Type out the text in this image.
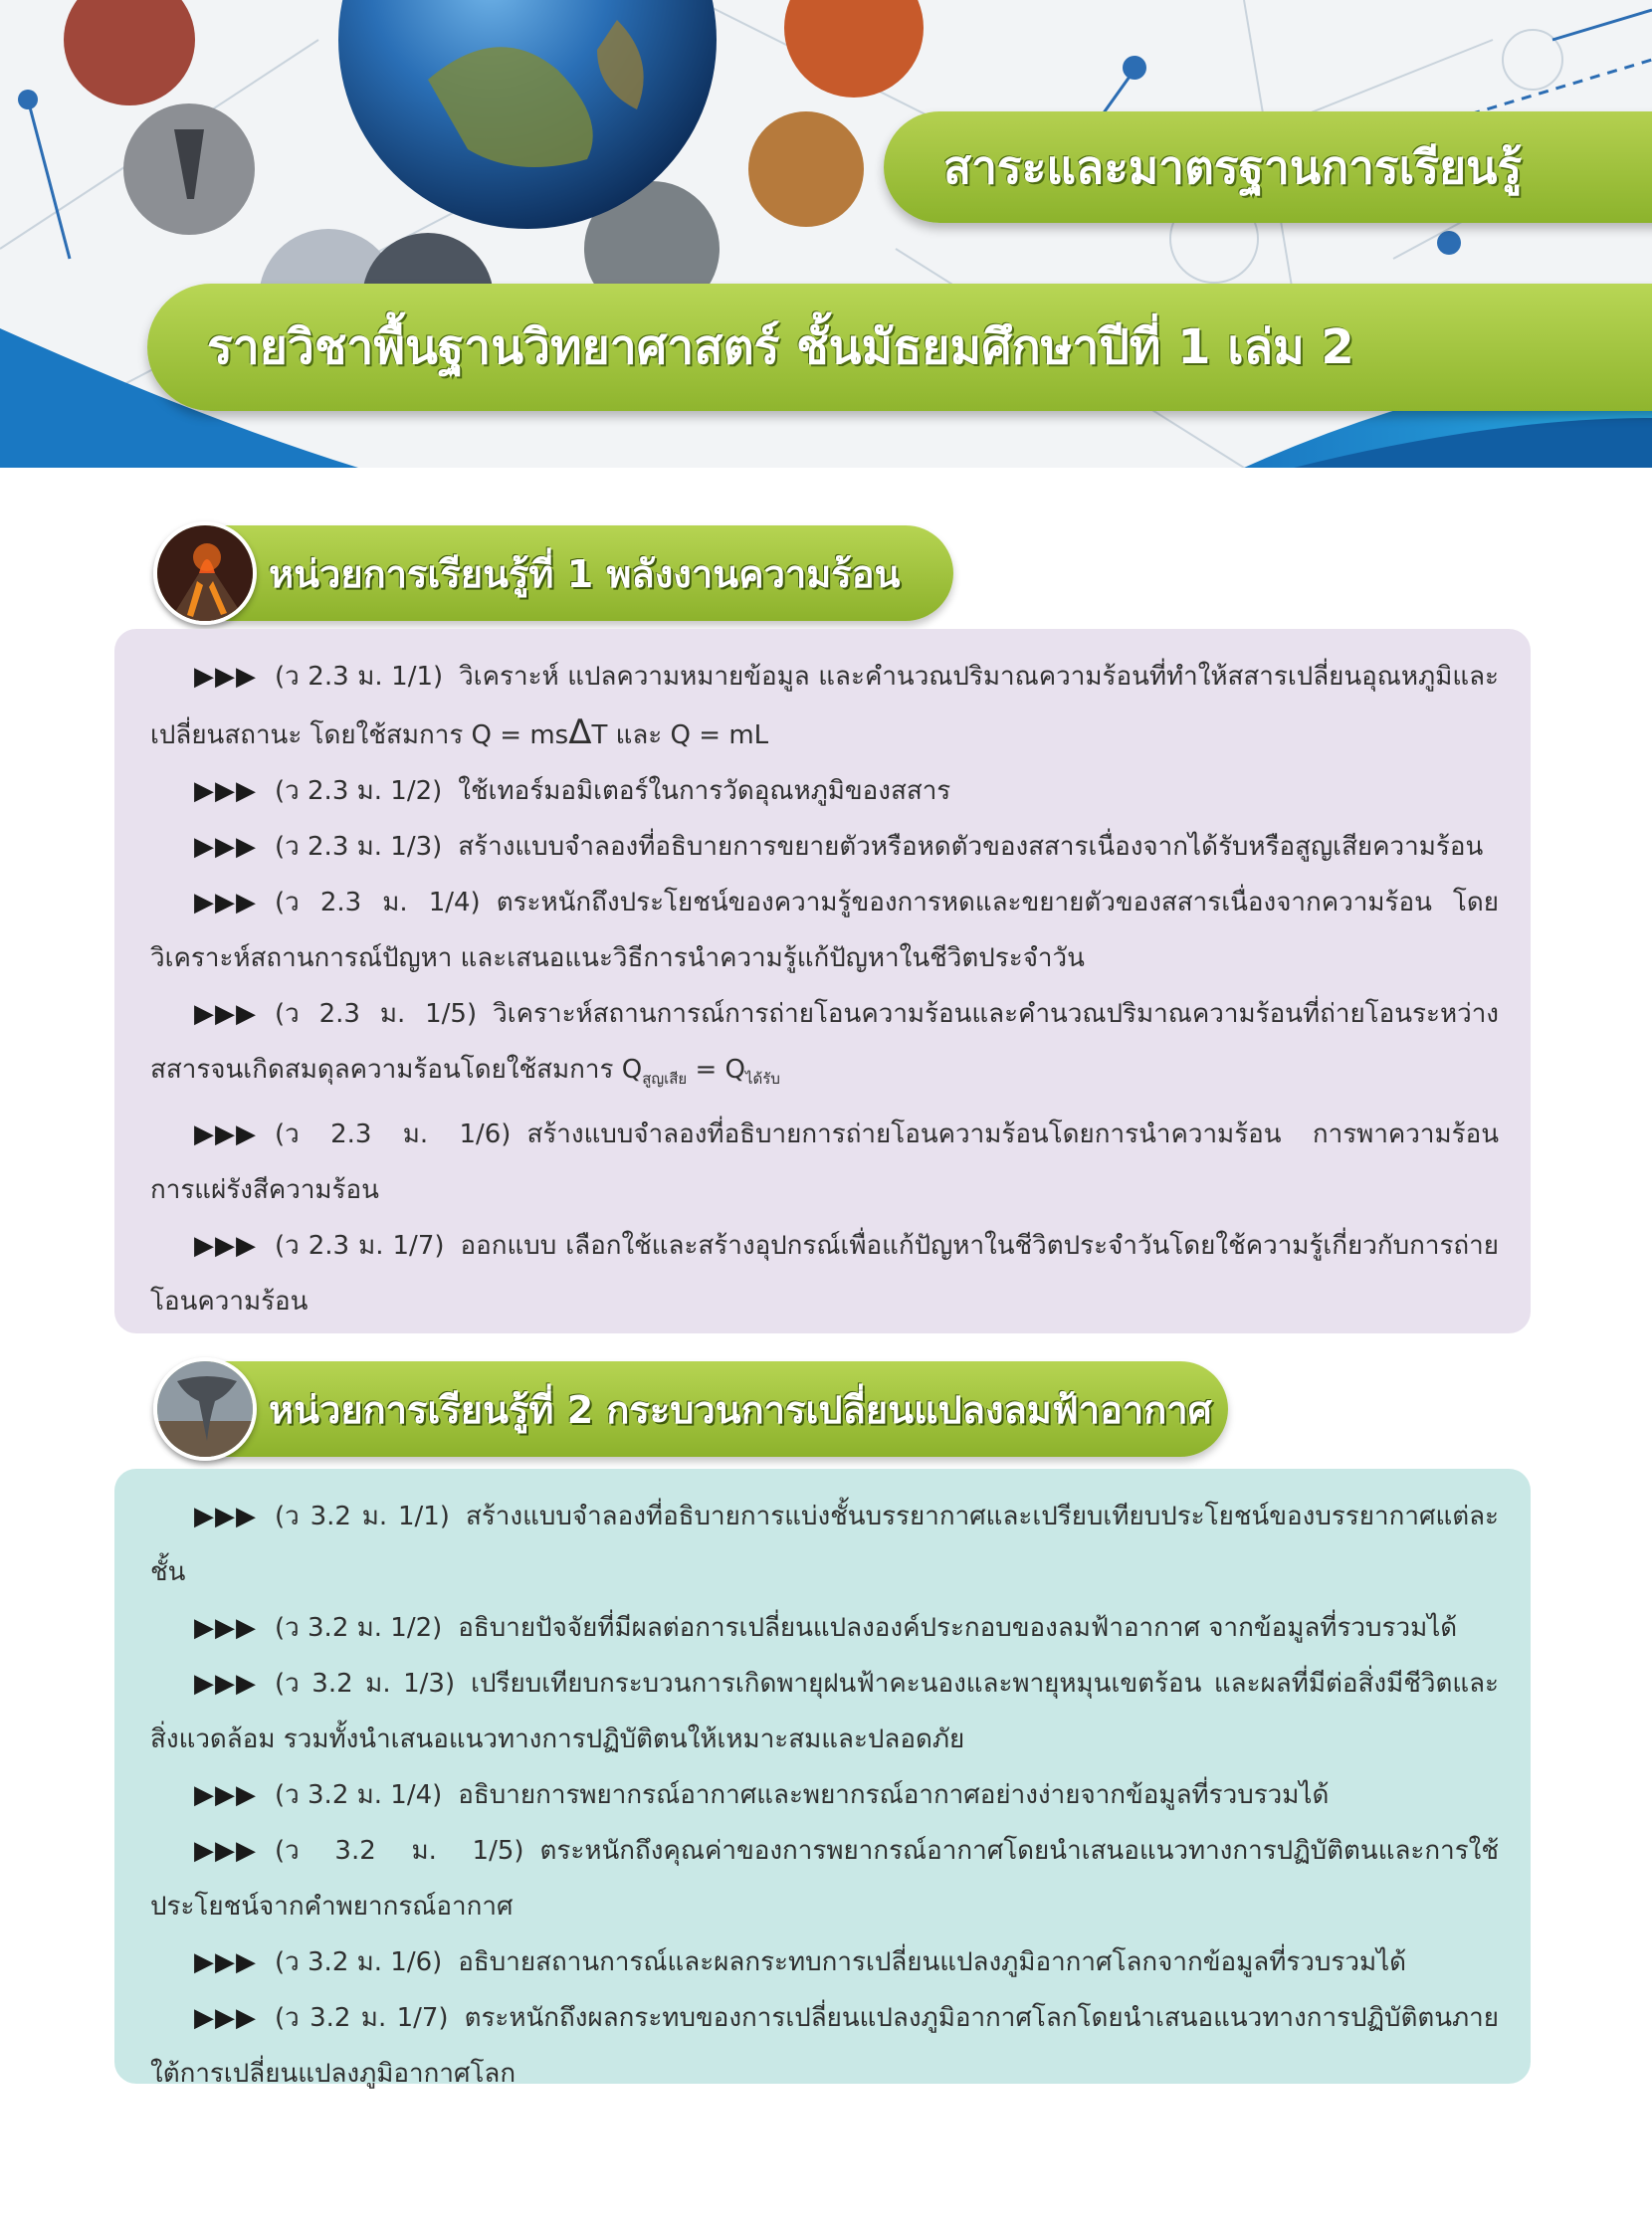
สาระและมาตรฐานการเรียนรู้
รายวิชาพื้นฐานวิทยาศาสตร์ ชั้นมัธยมศึกษาปีที่ 1 เล่ม 2
หน่วยการเรียนรู้ที่ 1 พลังงานความร้อน

▶▶▶ (ว 2.3 ม. 1/1) วิเคราะห์ แปลความหมายข้อมูล และคำนวณปริมาณความร้อนที่ทำให้สสารเปลี่ยนอุณหภูมิและเปลี่ยนสถานะ โดยใช้สมการ Q = msΔT และ Q = mL

▶▶▶ (ว 2.3 ม. 1/2) ใช้เทอร์มอมิเตอร์ในการวัดอุณหภูมิของสสาร

▶▶▶ (ว 2.3 ม. 1/3) สร้างแบบจำลองที่อธิบายการขยายตัวหรือหดตัวของสสารเนื่องจากได้รับหรือสูญเสียความร้อน

▶▶▶ (ว 2.3 ม. 1/4) ตระหนักถึงประโยชน์ของความรู้ของการหดและขยายตัวของสสารเนื่องจากความร้อน โดยวิเคราะห์สถานการณ์ปัญหา และเสนอแนะวิธีการนำความรู้แก้ปัญหาในชีวิตประจำวัน

▶▶▶ (ว 2.3 ม. 1/5) วิเคราะห์สถานการณ์การถ่ายโอนความร้อนและคำนวณปริมาณความร้อนที่ถ่ายโอนระหว่างสสารจนเกิดสมดุลความร้อนโดยใช้สมการ $Q_{สูญเสีย} = Q_{ได้รับ}$

▶▶▶ (ว 2.3 ม. 1/6) สร้างแบบจำลองที่อธิบายการถ่ายโอนความร้อนโดยการนำความร้อน การพาความร้อน การแผ่รังสีความร้อน

▶▶▶ (ว 2.3 ม. 1/7) ออกแบบ เลือกใช้และสร้างอุปกรณ์เพื่อแก้ปัญหาในชีวิตประจำวันโดยใช้ความรู้เกี่ยวกับการถ่ายโอนความร้อน

หน่วยการเรียนรู้ที่ 2 กระบวนการเปลี่ยนแปลงลมฟ้าอากาศ

▶▶▶ (ว 3.2 ม. 1/1) สร้างแบบจำลองที่อธิบายการแบ่งชั้นบรรยากาศและเปรียบเทียบประโยชน์ของบรรยากาศแต่ละชั้น

▶▶▶ (ว 3.2 ม. 1/2) อธิบายปัจจัยที่มีผลต่อการเปลี่ยนแปลงองค์ประกอบของลมฟ้าอากาศ จากข้อมูลที่รวบรวมได้

▶▶▶ (ว 3.2 ม. 1/3) เปรียบเทียบกระบวนการเกิดพายุฝนฟ้าคะนองและพายุหมุนเขตร้อน และผลที่มีต่อสิ่งมีชีวิตและสิ่งแวดล้อม รวมทั้งนำเสนอแนวทางการปฏิบัติตนให้เหมาะสมและปลอดภัย

▶▶▶ (ว 3.2 ม. 1/4) อธิบายการพยากรณ์อากาศและพยากรณ์อากาศอย่างง่ายจากข้อมูลที่รวบรวมได้

▶▶▶ (ว 3.2 ม. 1/5) ตระหนักถึงคุณค่าของการพยากรณ์อากาศโดยนำเสนอแนวทางการปฏิบัติตนและการใช้ประโยชน์จากคำพยากรณ์อากาศ

▶▶▶ (ว 3.2 ม. 1/6) อธิบายสถานการณ์และผลกระทบการเปลี่ยนแปลงภูมิอากาศโลกจากข้อมูลที่รวบรวมได้

▶▶▶ (ว 3.2 ม. 1/7) ตระหนักถึงผลกระทบของการเปลี่ยนแปลงภูมิอากาศโลกโดยนำเสนอแนวทางการปฏิบัติตนภายใต้การเปลี่ยนแปลงภูมิอากาศโลก
